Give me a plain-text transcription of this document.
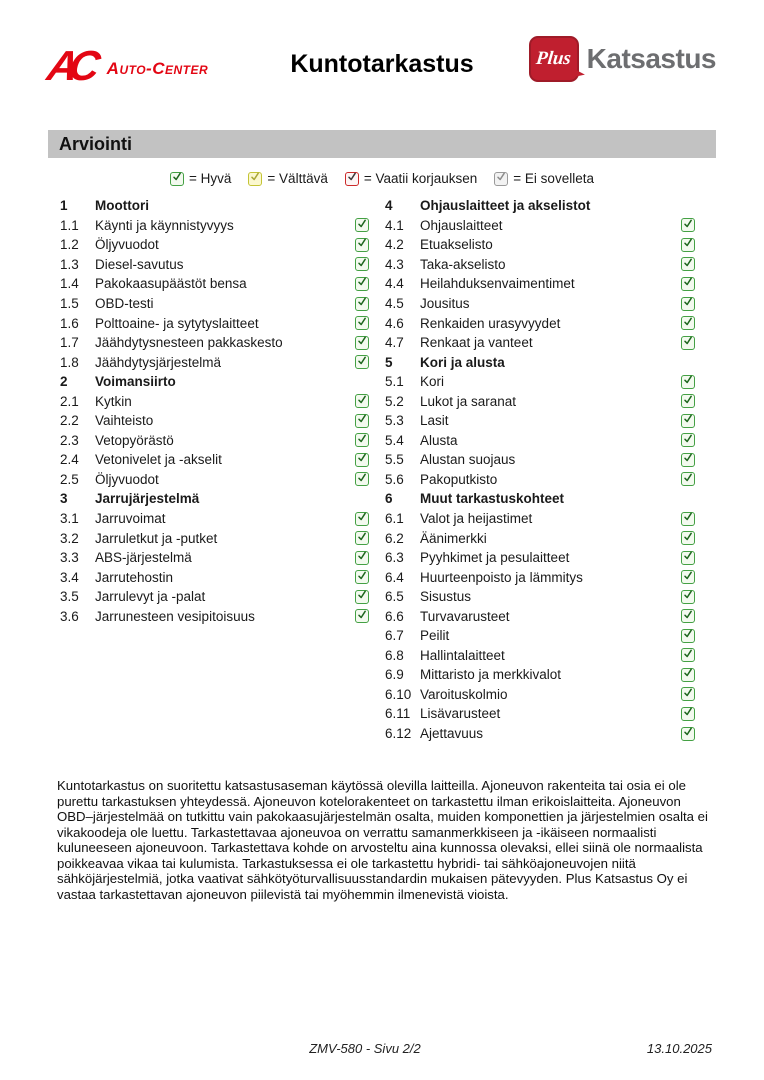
AC Auto-Center	Kuntotarkastus	Plus Katsastus
Arviointi
= Hyvä	= Välttävä	= Vaatii korjauksen	= Ei sovelleta
1	Moottori
1.1	Käynti ja käynnistyvyys
1.2	Öljyvuodot
1.3	Diesel-savutus
1.4	Pakokaasupäästöt bensa
1.5	OBD-testi
1.6	Polttoaine- ja sytytyslaitteet
1.7	Jäähdytysnesteen pakkaskesto
1.8	Jäähdytysjärjestelmä
2	Voimansiirto
2.1	Kytkin
2.2	Vaihteisto
2.3	Vetopyörästö
2.4	Vetonivelet ja -akselit
2.5	Öljyvuodot
3	Jarrujärjestelmä
3.1	Jarruvoimat
3.2	Jarruletkut ja -putket
3.3	ABS-järjestelmä
3.4	Jarrutehostin
3.5	Jarrulevyt ja -palat
3.6	Jarrunesteen vesipitoisuus
4	Ohjauslaitteet ja akselistot
4.1	Ohjauslaitteet
4.2	Etuakselisto
4.3	Taka-akselisto
4.4	Heilahduksenvaimentimet
4.5	Jousitus
4.6	Renkaiden urasyvyydet
4.7	Renkaat ja vanteet
5	Kori ja alusta
5.1	Kori
5.2	Lukot ja saranat
5.3	Lasit
5.4	Alusta
5.5	Alustan suojaus
5.6	Pakoputkisto
6	Muut tarkastuskohteet
6.1	Valot ja heijastimet
6.2	Äänimerkki
6.3	Pyyhkimet ja pesulaitteet
6.4	Huurteenpoisto ja lämmitys
6.5	Sisustus
6.6	Turvavarusteet
6.7	Peilit
6.8	Hallintalaitteet
6.9	Mittaristo ja merkkivalot
6.10 Varoituskolmio
6.11 Lisävarusteet
6.12 Ajettavuus

Kuntotarkastus on suoritettu katsastusaseman käytössä olevilla laitteilla. Ajoneuvon rakenteita tai osia ei ole purettu tarkastuksen yhteydessä. Ajoneuvon kotelorakenteet on tarkastettu ilman erikoislaitteita. Ajoneuvon OBD–järjestelmää on tutkittu vain pakokaasujärjestelmän osalta, muiden komponettien ja järjestelmien osalta ei vikakoodeja ole luettu. Tarkastettavaa ajoneuvoa on verrattu samanmerkkiseen ja -ikäiseen normaalisti kuluneeseen ajoneuvoon. Tarkastettava kohde on arvosteltu aina kunnossa olevaksi, ellei siinä ole normaalista poikkeavaa vikaa tai kulumista. Tarkastuksessa ei ole tarkastettu hybridi- tai sähköajoneuvojen niitä sähköjärjestelmiä, jotka vaativat sähkötyöturvallisuusstandardin mukaisen pätevyyden. Plus Katsastus Oy ei vastaa tarkastettavan ajoneuvon piilevistä tai myöhemmin ilmenevistä vioista.

ZMV-580 - Sivu 2/2	13.10.2025
